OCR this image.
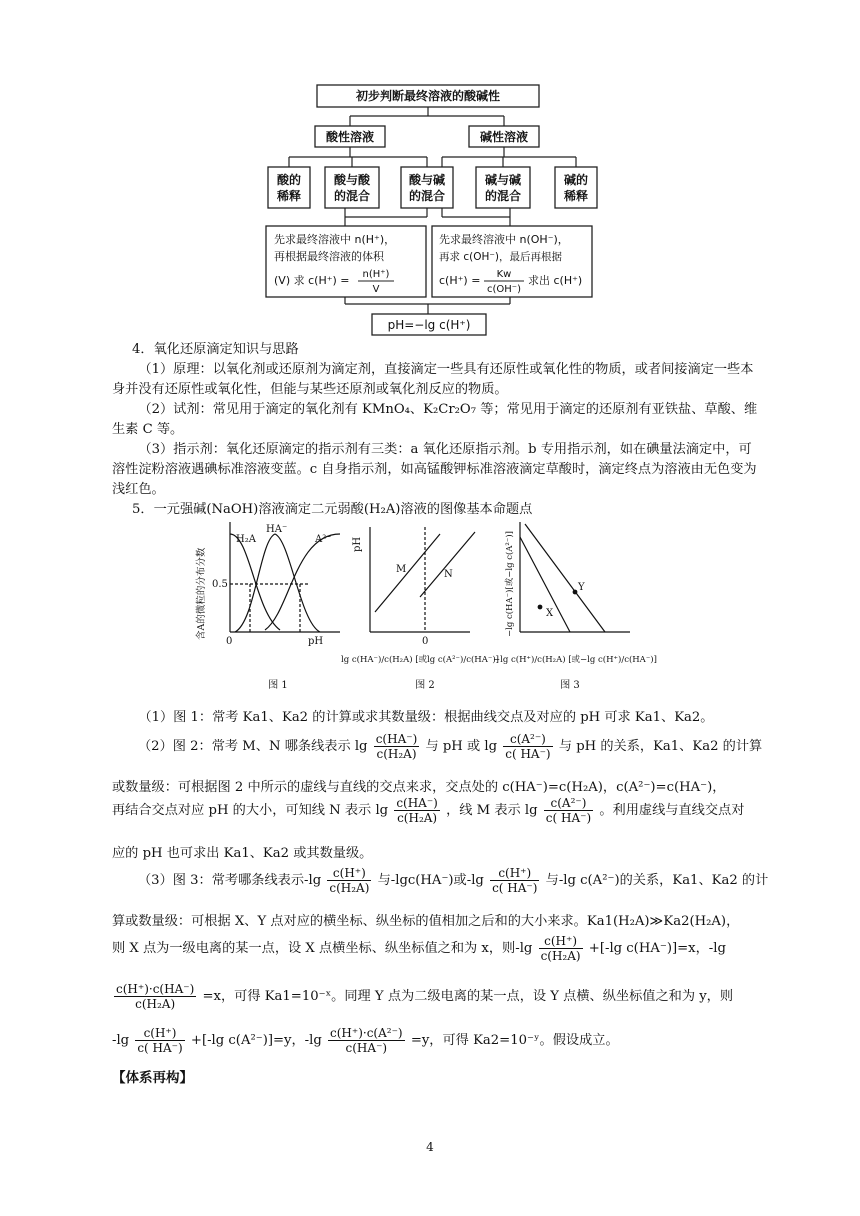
初步判断最终溶液的酸碱性
酸性溶液	碱性溶液
酸的
稀释
酸与酸
的混合
酸与碱
的混合
碱与碱
的混合
碱的
稀释
先求最终溶液中 n(H⁺)，
再根据最终溶液的体积
(V) 求 c(H⁺) = n(H⁺)
V
先求最终溶液中 n(OH⁻)，
再求 c(OH⁻)，最后再根据
c(H⁺) = Kw
c(OH⁻)
求出 c(H⁺)
pH=−lg c(H⁺)
4．氧化还原滴定知识与思路
（1）原理：以氧化剂或还原剂为滴定剂，直接滴定一些具有还原性或氧化性的物质，或者间接滴定一些本身并没有还原性或氧化性，但能与某些还原剂或氧化剂反应的物质。
（2）试剂：常见用于滴定的氧化剂有 KMnO₄、K₂Cr₂O₇ 等；常见用于滴定的还原剂有亚铁盐、草酸、维生素 C 等。
（3）指示剂：氧化还原滴定的指示剂有三类：a 氧化还原指示剂。b 专用指示剂，如在碘量法滴定中，可溶性淀粉溶液遇碘标准溶液变蓝。c 自身指示剂，如高锰酸钾标准溶液滴定草酸时，滴定终点为溶液由无色变为浅红色。
5．一元强碱(NaOH)溶液滴定二元弱酸(H₂A)溶液的图像基本命题点
H₂A
HA⁻
A²⁻
0.5
0	pH
含A的微粒的分布分数
图 1
pH
M	N
0
lg c(HA⁻)/c(H₂A) [或lg c(A²⁻)/c(HA⁻)]
图 2
Y
X
−lg c(HA⁻)[或−lg c(A²⁻)]
−lg c(H⁺)/c(H₂A) [或−lg c(H⁺)/c(HA⁻)]
图 3
（1）图 1：常考 Ka1、Ka2 的计算或求其数量级：根据曲线交点及对应的 pH 可求 Ka1、Ka2。
（2）图 2：常考 M、N 哪条线表示 $\lg \frac{c(HA^-)}{\text{c(H₂A)}}$ 与 pH 或 $\lg \frac{\text{c(A²⁻)}}{c( HA^-)}$ 与 pH 的关系，Ka1、Ka2 的计算
或数量级：可根据图 2 中所示的虚线与直线的交点来求，交点处的 c(HA⁻)=c(H₂A)，c(A²⁻)=c(HA⁻)，
再结合交点对应 pH 的大小，可知线 N 表示 $\lg \frac{c(HA^-)}{\text{c(H₂A)}}$ ，线 M 表示 $\lg \frac{\text{c(A²⁻)}}{c( HA^-)}$ 。利用虚线与直线交点对
应的 pH 也可求出 Ka1、Ka2 或其数量级。
（3）图 3：常考哪条线表示$-\lg \frac{c(H^+)}{\text{c(H₂A)}}$ 与-lgc(HA⁻)或$-\lg \frac{c(H^+)}{c( HA^-)}$ 与-lg c(A²⁻)的关系，Ka1、Ka2 的计
算或数量级：可根据 X、Y 点对应的横坐标、纵坐标的值相加之后和的大小来求。Ka1(H₂A)≫Ka2(H₂A)，
则 X 点为一级电离的某一点，设 X 点横坐标、纵坐标值之和为 x，则$-\lg \frac{c(H^+)}{\text{c(H₂A)}} +[-\lg$ c(HA⁻)]=x，-lg
$\frac{c(H^+)\cdot c(HA^-)}{\text{c(H₂A)}} =x$，可得 Ka1=10⁻ˣ。同理 Y 点为二级电离的某一点，设 Y 点横、纵坐标值之和为 y，则
$-\lg \frac{c(H^+)}{c( HA^-)} +[-\lg$ c(A²⁻)]=y，$-\lg \frac{\text{c(H⁺)·c(A²⁻)}}{c(HA^-)} =y$，可得 Ka2=10⁻ʸ。假设成立。
【体系再构】
4
